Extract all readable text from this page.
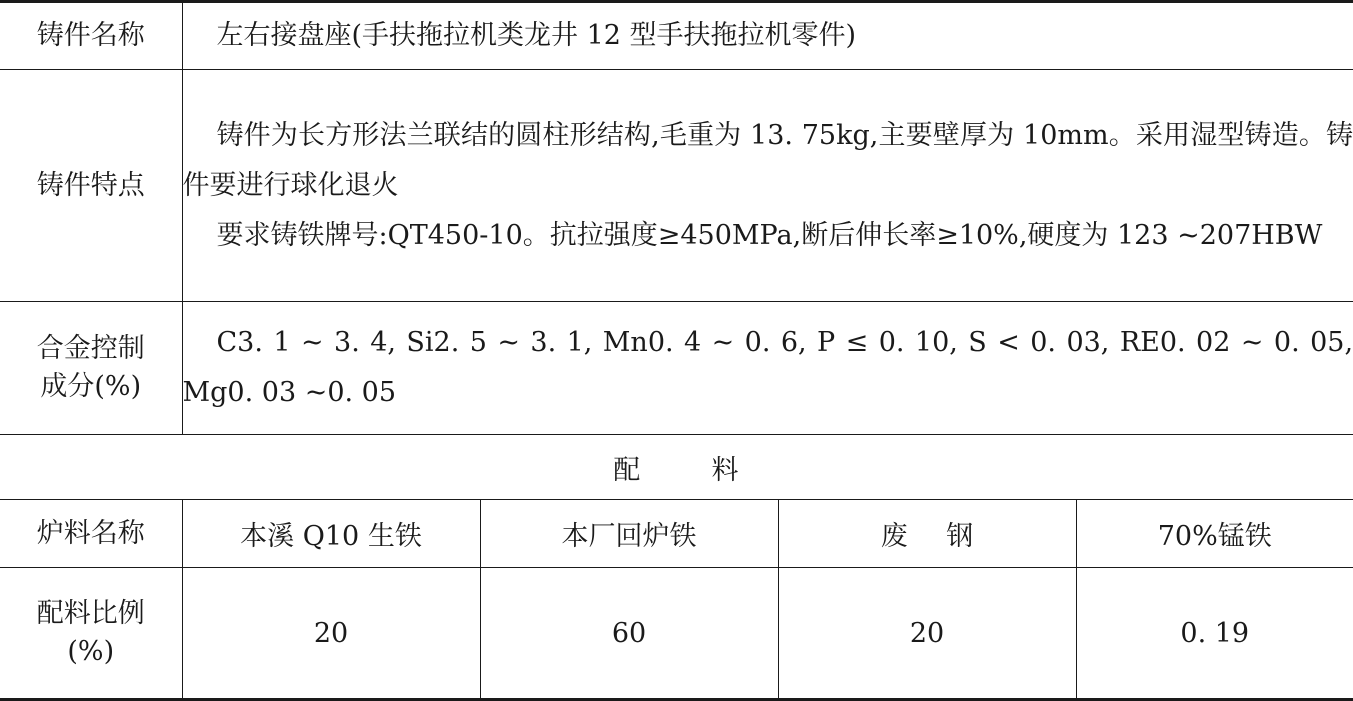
铸件名称	左右接盘座(手扶拖拉机类龙井 12 型手扶拖拉机零件)			
铸件特点	铸件为长方形法兰联结的圆柱形结构,毛重为 13. 75kg,主要壁厚为 10mm。采用湿型铸造。铸件要进行球化退火
要求铸铁牌号:QT450-10。抗拉强度≥450MPa,断后伸长率≥10%,硬度为 123 ~207HBW			

合金控制
成分(%)	C3. 1 ~ 3. 4, Si2. 5 ~ 3. 1, Mn0. 4 ~ 0. 6, P ≤ 0. 10, S < 0. 03, RE0. 02 ~ 0. 05, Mg0. 03 ~0. 05			
配 料				
炉料名称	本溪 Q10 生铁	本厂回炉铁	废 钢	70%锰铁

配料比例
(%)	20	60	20	0. 19
